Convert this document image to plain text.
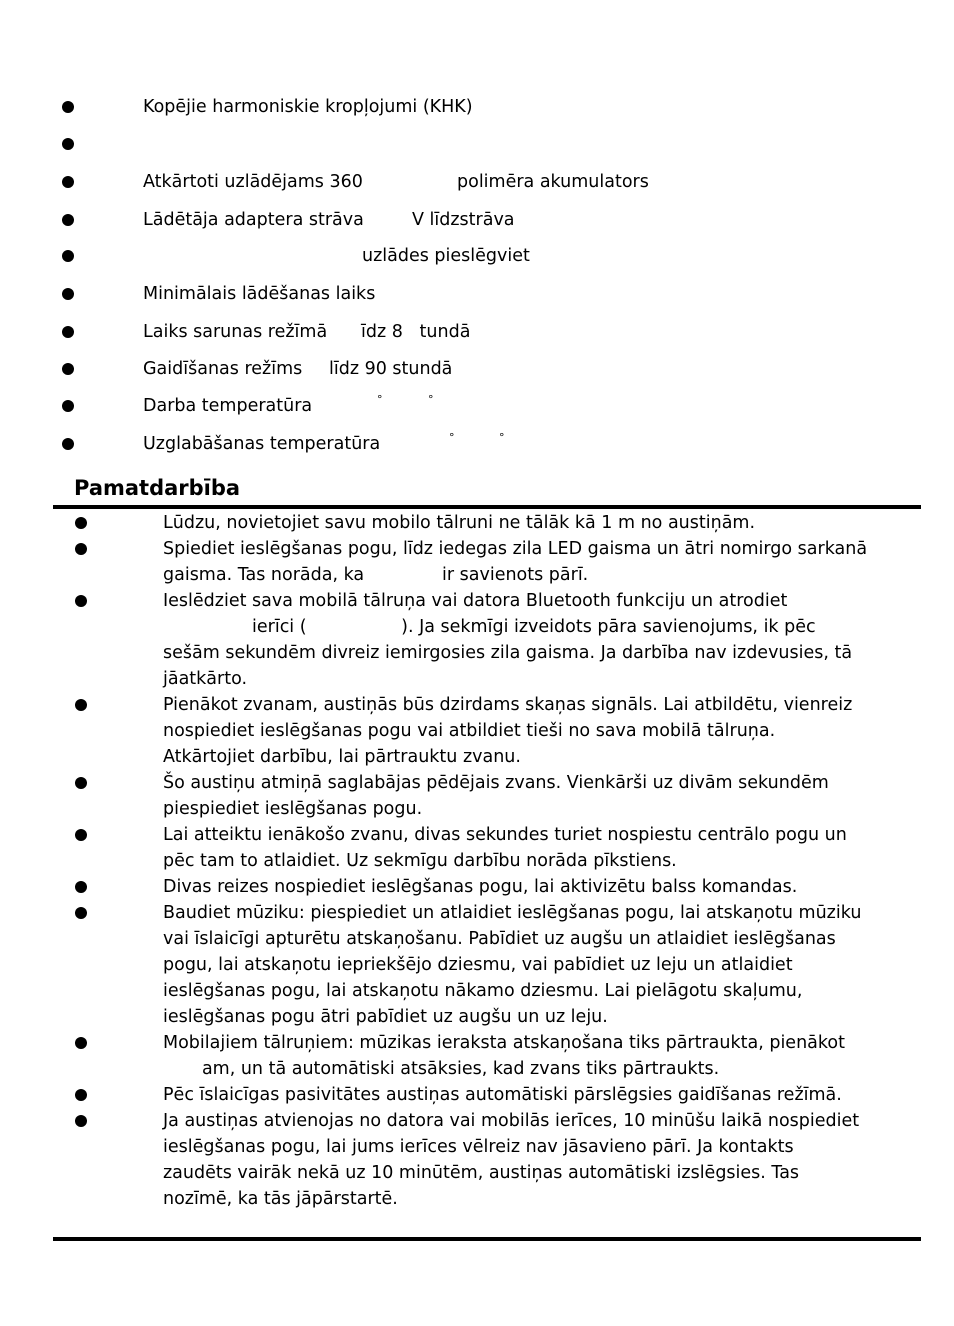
Kopējie harmoniskie kropļojumi (KHK)
Atkārtoti uzlādējams 360	polimēra akumulators
Lādētāja adaptera strāva	V līdzstrāva
uzlādes pieslēgviet
Minimālais lādēšanas laiks
Laiks sarunas režīmā īdz 8   tundā
Gaidīšanas režīms līdz 90 stundā
Darba temperatūra	°	°
Uzglabāšanas temperatūra	°	°
Pamatdarbība
Lūdzu, novietojiet savu mobilo tālruni ne tālāk kā 1 m no austiņām.
Spiediet ieslēgšanas pogu, līdz iedegas zila LED gaisma un ātri nomirgo sarkanā
gaisma. Tas norāda, ka              ir savienots pārī.
Ieslēdziet sava mobilā tālruņa vai datora Bluetooth funkciju un atrodiet
ierīci (                 ). Ja sekmīgi izveidots pāra savienojums, ik pēc
sešām sekundēm divreiz iemirgosies zila gaisma. Ja darbība nav izdevusies, tā
jāatkārto.
Pienākot zvanam, austiņās būs dzirdams skaņas signāls. Lai atbildētu, vienreiz
nospiediet ieslēgšanas pogu vai atbildiet tieši no sava mobilā tālruņa.
Atkārtojiet darbību, lai pārtrauktu zvanu.
Šo austiņu atmiņā saglabājas pēdējais zvans. Vienkārši uz divām sekundēm
piespiediet ieslēgšanas pogu.
Lai atteiktu ienākošo zvanu, divas sekundes turiet nospiestu centrālo pogu un
pēc tam to atlaidiet. Uz sekmīgu darbību norāda pīkstiens.
Divas reizes nospiediet ieslēgšanas pogu, lai aktivizētu balss komandas.
Baudiet mūziku: piespiediet un atlaidiet ieslēgšanas pogu, lai atskaņotu mūziku
vai īslaicīgi apturētu atskaņošanu. Pabīdiet uz augšu un atlaidiet ieslēgšanas
pogu, lai atskaņotu iepriekšējo dziesmu, vai pabīdiet uz leju un atlaidiet
ieslēgšanas pogu, lai atskaņotu nākamo dziesmu. Lai pielāgotu skaļumu,
ieslēgšanas pogu ātri pabīdiet uz augšu un uz leju.
Mobilajiem tālruņiem: mūzikas ieraksta atskaņošana tiks pārtraukta, pienākot
am, un tā automātiski atsāksies, kad zvans tiks pārtraukts.
Pēc īslaicīgas pasivitātes austiņas automātiski pārslēgsies gaidīšanas režīmā.
Ja austiņas atvienojas no datora vai mobilās ierīces, 10 minūšu laikā nospiediet
ieslēgšanas pogu, lai jums ierīces vēlreiz nav jāsavieno pārī. Ja kontakts
zaudēts vairāk nekā uz 10 minūtēm, austiņas automātiski izslēgsies. Tas
nozīmē, ka tās jāpārstartē.
